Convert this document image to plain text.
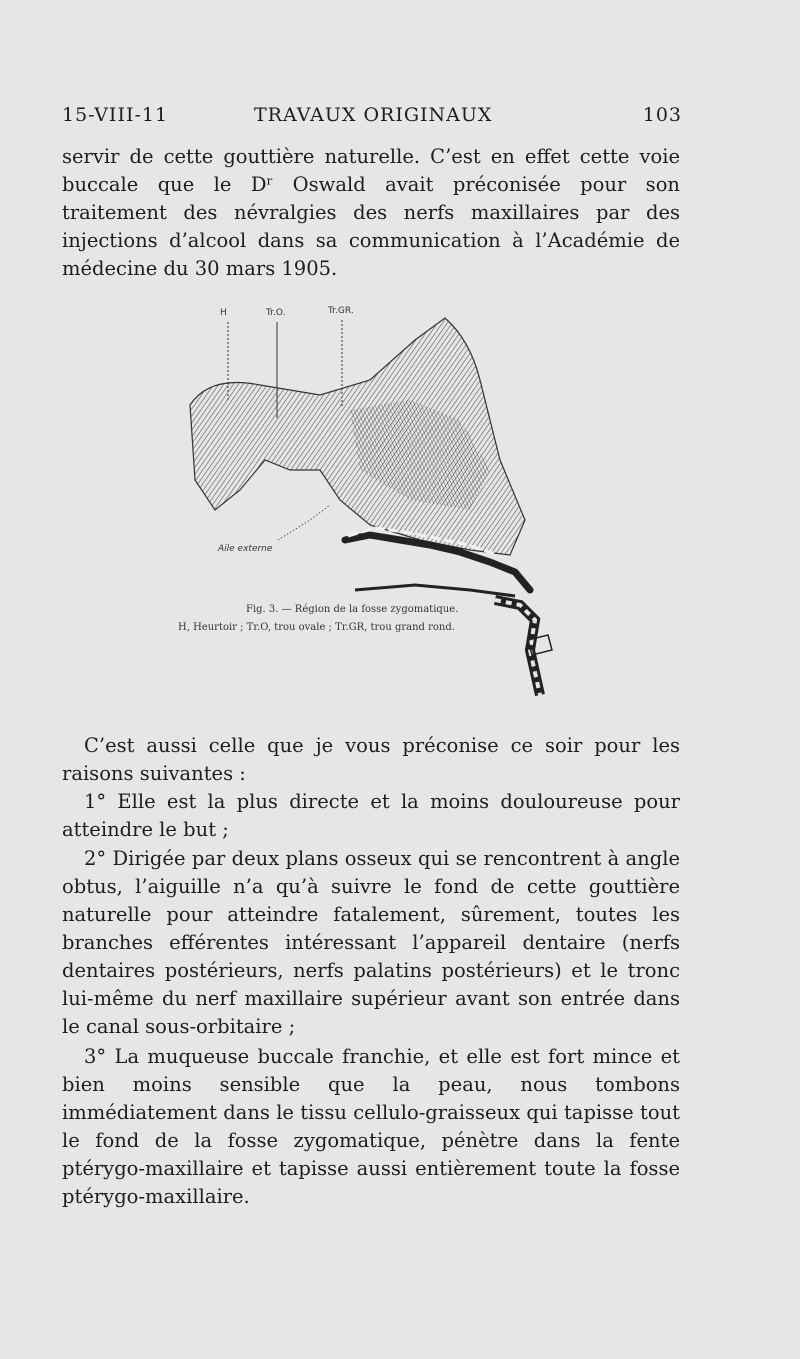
15-VIII-11	TRAVAUX ORIGINAUX	103

servir de cette gouttière naturelle. C’est en effet cette voie buccale que le Dʳ Oswald avait préconisée pour son traitement des névralgies des nerfs maxillaires par des injections d’alcool dans sa communication à l’Académie de médecine du 30 mars 1905.

H	Tr.O.	Tr.GR.
Aile externe
Fig. 3. — Région de la fosse zygomatique.
H, Heurtoir ; Tr.O, trou ovale ; Tr.GR, trou grand rond.

C’est aussi celle que je vous préconise ce soir pour les raisons suivantes :

1° Elle est la plus directe et la moins douloureuse pour atteindre le but ;

2° Dirigée par deux plans osseux qui se rencontrent à angle obtus, l’aiguille n’a qu’à suivre le fond de cette gouttière naturelle pour atteindre fatalement, sûrement, toutes les branches efférentes intéressant l’appareil dentaire (nerfs dentaires postérieurs, nerfs palatins postérieurs) et le tronc lui-même du nerf maxillaire supérieur avant son entrée dans le canal sous-orbitaire ;

3° La muqueuse buccale franchie, et elle est fort mince et bien moins sensible que la peau, nous tombons immédiatement dans le tissu cellulo-graisseux qui tapisse tout le fond de la fosse zygomatique, pénètre dans la fente ptérygo-maxillaire et tapisse aussi entièrement toute la fosse ptérygo-maxillaire.
